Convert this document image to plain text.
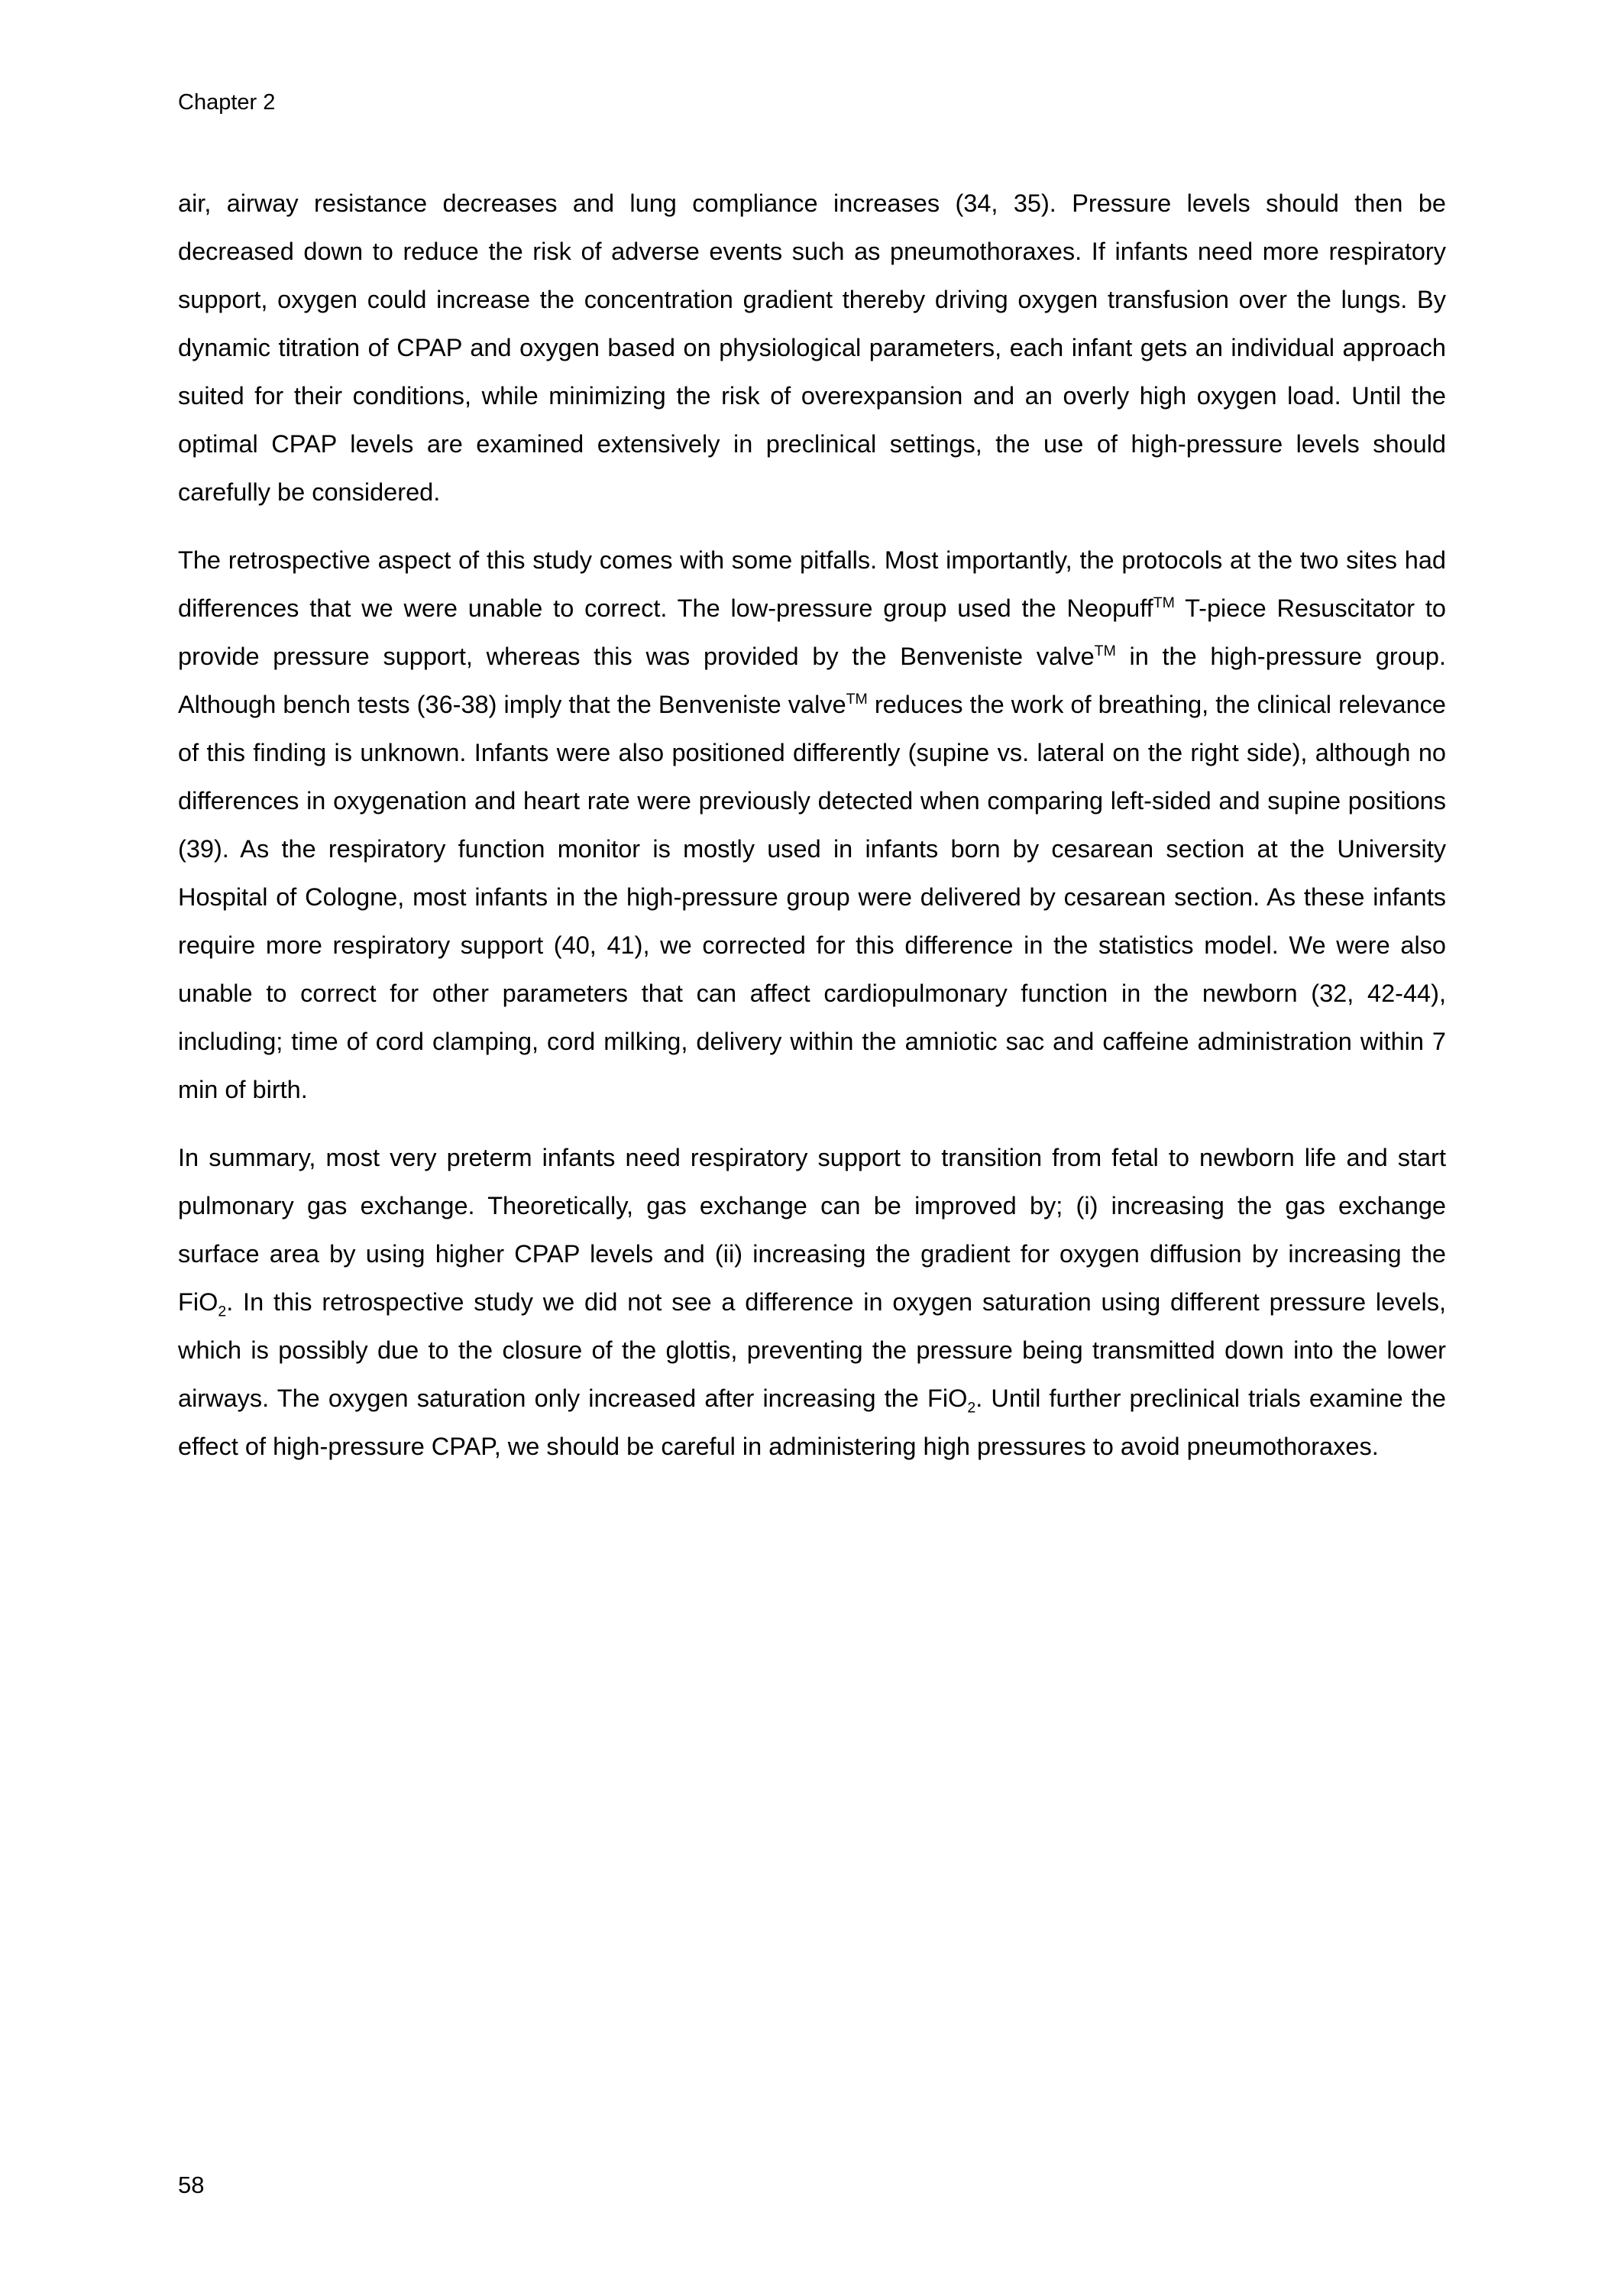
Chapter 2

air, airway resistance decreases and lung compliance increases (34, 35). Pressure levels should then be decreased down to reduce the risk of adverse events such as pneumothoraxes. If infants need more respiratory support, oxygen could increase the concentration gradient thereby driving oxygen transfusion over the lungs. By dynamic titration of CPAP and oxygen based on physiological parameters, each infant gets an individual approach suited for their conditions, while minimizing the risk of overexpansion and an overly high oxygen load. Until the optimal CPAP levels are examined extensively in preclinical settings, the use of high-pressure levels should carefully be considered.

The retrospective aspect of this study comes with some pitfalls. Most importantly, the protocols at the two sites had differences that we were unable to correct. The low-pressure group used the Neopuff™ T-piece Resuscitator to provide pressure support, whereas this was provided by the Benveniste valve™ in the high-pressure group. Although bench tests (36-38) imply that the Benveniste valve™ reduces the work of breathing, the clinical relevance of this finding is unknown. Infants were also positioned differently (supine vs. lateral on the right side), although no differences in oxygenation and heart rate were previously detected when comparing left-sided and supine positions (39). As the respiratory function monitor is mostly used in infants born by cesarean section at the University Hospital of Cologne, most infants in the high-pressure group were delivered by cesarean section. As these infants require more respiratory support (40, 41), we corrected for this difference in the statistics model. We were also unable to correct for other parameters that can affect cardiopulmonary function in the newborn (32, 42-44), including; time of cord clamping, cord milking, delivery within the amniotic sac and caffeine administration within 7 min of birth.

In summary, most very preterm infants need respiratory support to transition from fetal to newborn life and start pulmonary gas exchange. Theoretically, gas exchange can be improved by; (i) increasing the gas exchange surface area by using higher CPAP levels and (ii) increasing the gradient for oxygen diffusion by increasing the FiO$_2$. In this retrospective study we did not see a difference in oxygen saturation using different pressure levels, which is possibly due to the closure of the glottis, preventing the pressure being transmitted down into the lower airways. The oxygen saturation only increased after increasing the FiO$_2$. Until further preclinical trials examine the effect of high-pressure CPAP, we should be careful in administering high pressures to avoid pneumothoraxes.

58
